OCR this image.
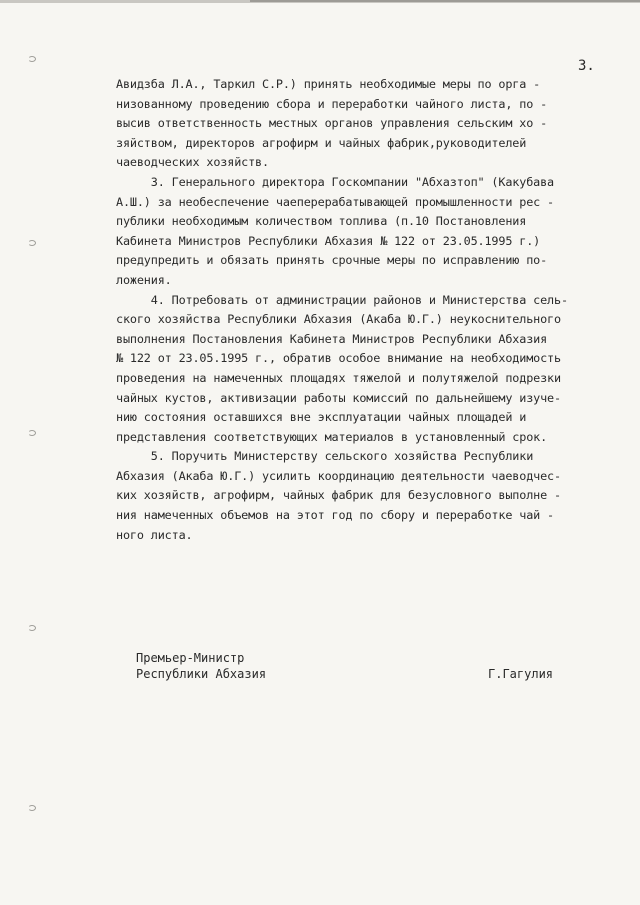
3.
Авидзба Л.А., Таркил С.Р.) принять необходимые меры по орга -
низованному проведению сбора и переработки чайного листа, по -
высив ответственность местных органов управления сельским хо -
зяйством, директоров агрофирм и чайных фабрик,руководителей
чаеводческих хозяйств.
3. Генерального директора Госкомпании "Абхазтоп" (Какубава
А.Ш.) за необеспечение чаеперерабатывающей промышленности рес -
публики необходимым количеством топлива (п.10 Постановления
Кабинета Министров Республики Абхазия № 122 от 23.05.1995 г.)
предупредить и обязать принять срочные меры по исправлению по-
ложения.
4. Потребовать от администрации районов и Министерства сель-
ского хозяйства Республики Абхазия (Акаба Ю.Г.) неукоснительного
выполнения Постановления Кабинета Министров Республики Абхазия
№ 122 от 23.05.1995 г., обратив особое внимание на необходимость
проведения на намеченных площадях тяжелой и полутяжелой подрезки
чайных кустов, активизации работы комиссий по дальнейшему изуче-
нию состояния оставшихся вне эксплуатации чайных площадей и
представления соответствующих материалов в установленный срок.
5. Поручить Министерству сельского хозяйства Республики
Абхазия (Акаба Ю.Г.) усилить координацию деятельности чаеводчес-
ких хозяйств, агрофирм, чайных фабрик для безусловного выполне -
ния намеченных объемов на этот год по сбору и переработке чай -
ного листа.
Премьер-Министр
Республики Абхазия	Г.Гагулия
